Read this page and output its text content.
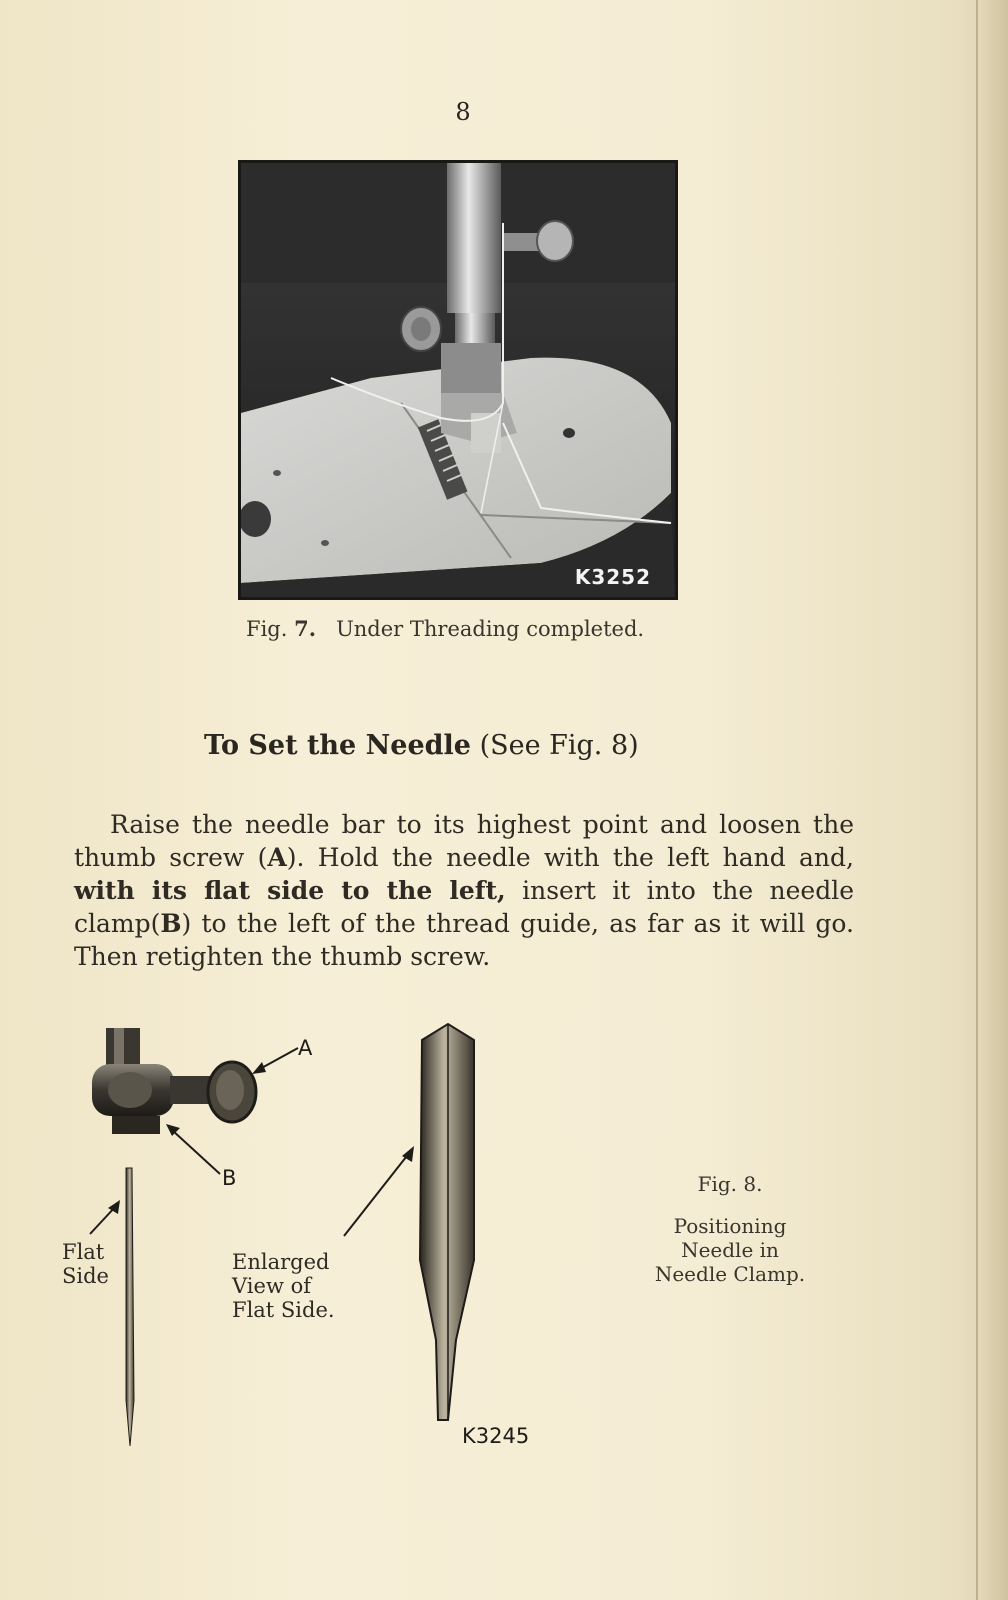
8
K3252
Fig. 7. Under Threading completed.
To Set the Needle (See Fig. 8)
Raise the needle bar to its highest point and loosen the thumb screw (A). Hold the needle with the left hand and, with its flat side to the left, insert it into the needle clamp(B) to the left of the thread guide, as far as it will go. Then retighten the thumb screw.
A
B
Flat
Side
Enlarged
View of
Flat Side.
K3245
Fig. 8.
Positioning
Needle in
Needle Clamp.
